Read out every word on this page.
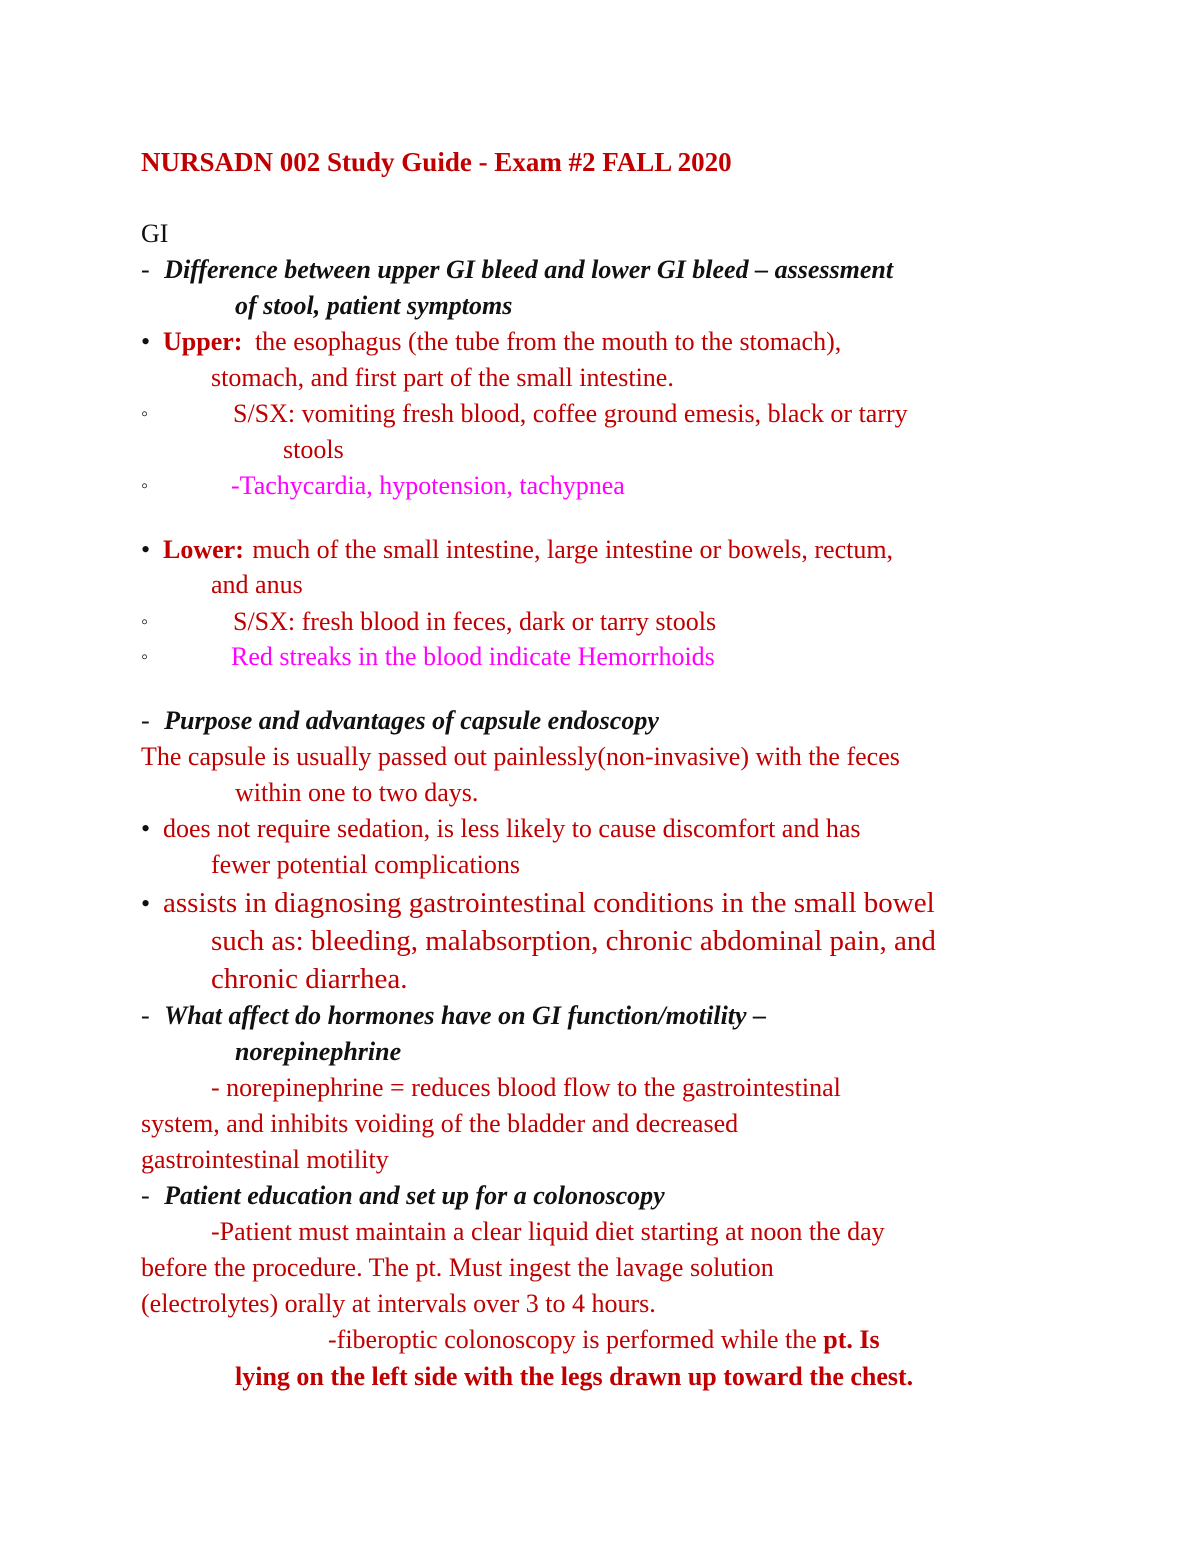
NURSADN 002 Study Guide - Exam #2 FALL 2020
GI
- Difference between upper GI bleed and lower GI bleed – assessment
of stool, patient symptoms
• Upper: the esophagus (the tube from the mouth to the stomach),
stomach, and first part of the small intestine.
◦	S/SX: vomiting fresh blood, coffee ground emesis, black or tarry
stools
◦	-Tachycardia, hypotension, tachypnea
• Lower: much of the small intestine, large intestine or bowels, rectum,
and anus
◦	S/SX: fresh blood in feces, dark or tarry stools
◦	Red streaks in the blood indicate Hemorrhoids
- Purpose and advantages of capsule endoscopy
The capsule is usually passed out painlessly(non-invasive) with the feces
within one to two days.
• does not require sedation, is less likely to cause discomfort and has
fewer potential complications
• assists in diagnosing gastrointestinal conditions in the small bowel
such as: bleeding, malabsorption, chronic abdominal pain, and
chronic diarrhea.
- What affect do hormones have on GI function/motility –
norepinephrine
- norepinephrine = reduces blood flow to the gastrointestinal
system, and inhibits voiding of the bladder and decreased
gastrointestinal motility
- Patient education and set up for a colonoscopy
-Patient must maintain a clear liquid diet starting at noon the day
before the procedure. The pt. Must ingest the lavage solution
(electrolytes) orally at intervals over 3 to 4 hours.
-fiberoptic colonoscopy is performed while the pt. Is
lying on the left side with the legs drawn up toward the chest.
